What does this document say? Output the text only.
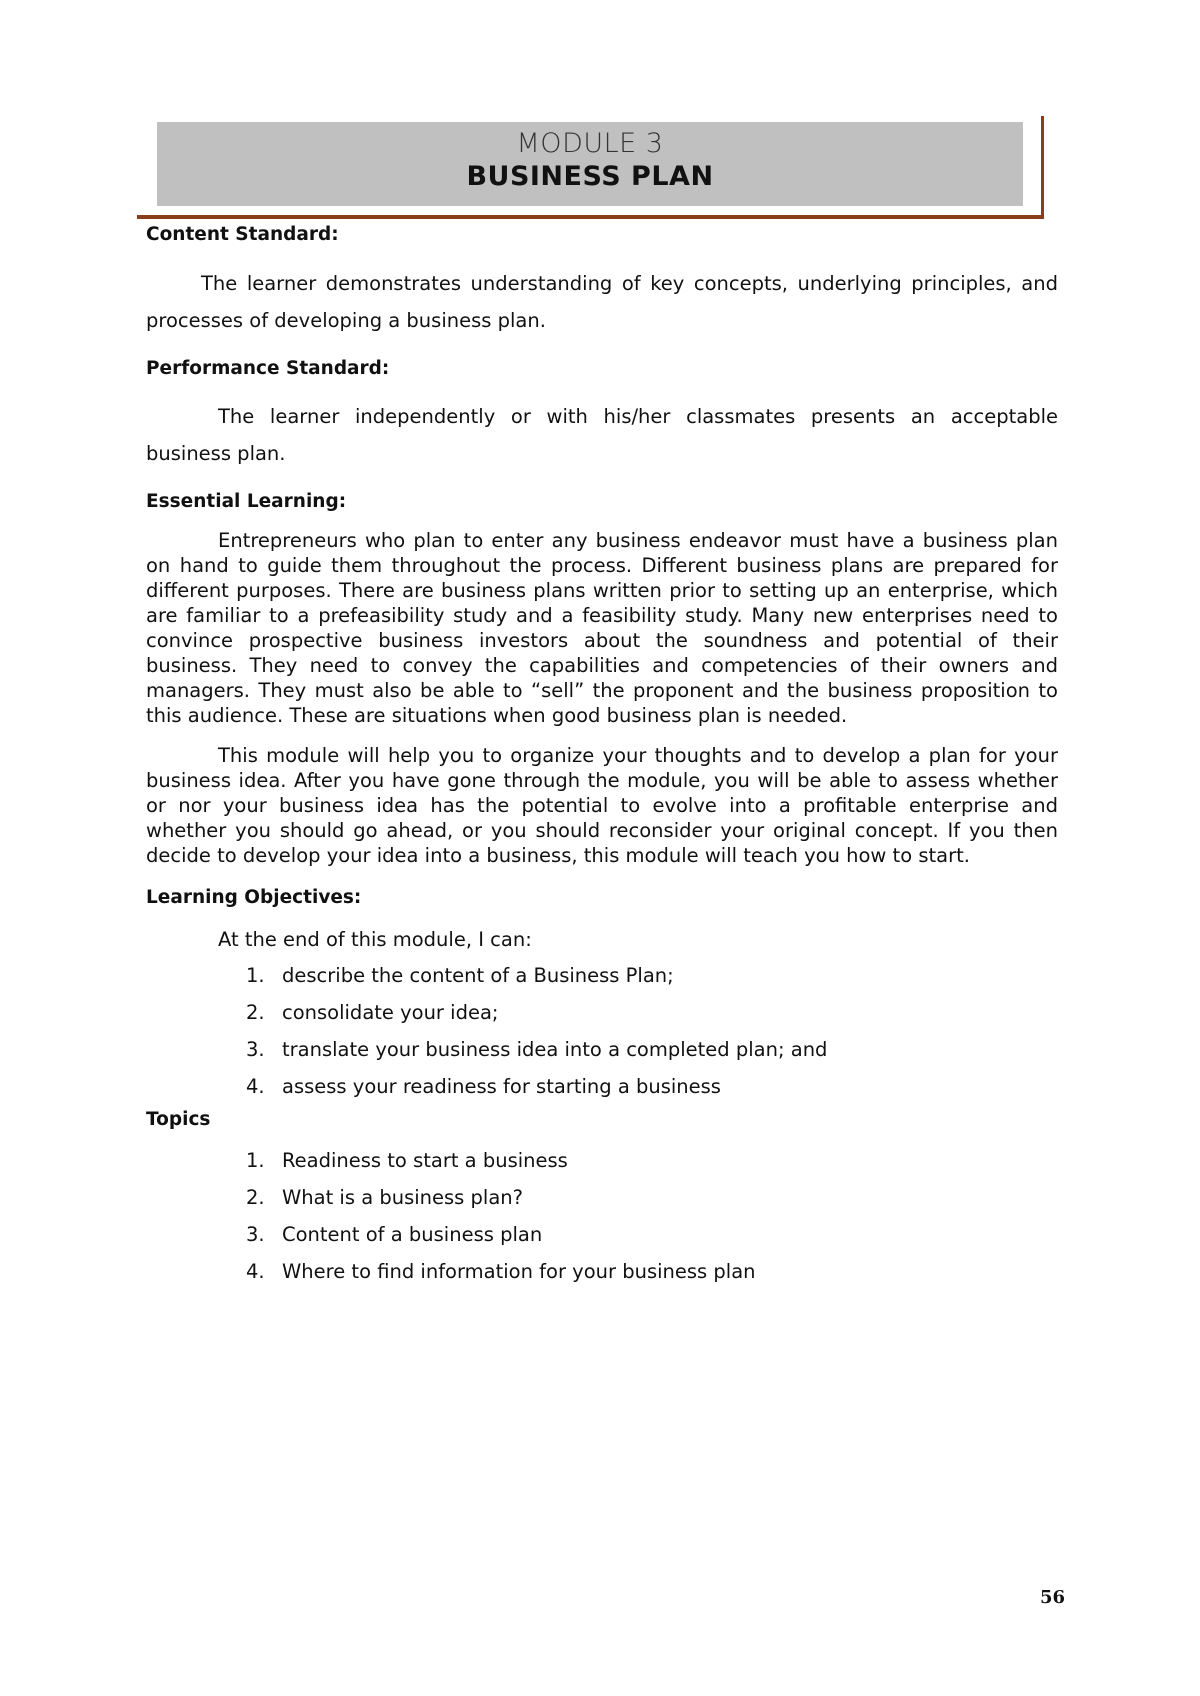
MODULE 3
BUSINESS PLAN

Content Standard:

The learner demonstrates understanding of key concepts, underlying principles, and processes of developing a business plan.

Performance Standard:

The learner independently or with his/her classmates presents an acceptable business plan.

Essential Learning:

Entrepreneurs who plan to enter any business endeavor must have a business plan on hand to guide them throughout the process. Different business plans are prepared for different purposes. There are business plans written prior to setting up an enterprise, which are familiar to a prefeasibility study and a feasibility study. Many new enterprises need to convince prospective business investors about the soundness and potential of their business. They need to convey the capabilities and competencies of their owners and managers. They must also be able to “sell” the proponent and the business proposition to this audience. These are situations when good business plan is needed.

This module will help you to organize your thoughts and to develop a plan for your business idea. After you have gone through the module, you will be able to assess whether or nor your business idea has the potential to evolve into a profitable enterprise and whether you should go ahead, or you should reconsider your original concept. If you then decide to develop your idea into a business, this module will teach you how to start.

Learning Objectives:

At the end of this module, I can:

1. describe the content of a Business Plan;
2. consolidate your idea;
3. translate your business idea into a completed plan; and
4. assess your readiness for starting a business

Topics

1. Readiness to start a business
2. What is a business plan?
3. Content of a business plan
4. Where to find information for your business plan
56
